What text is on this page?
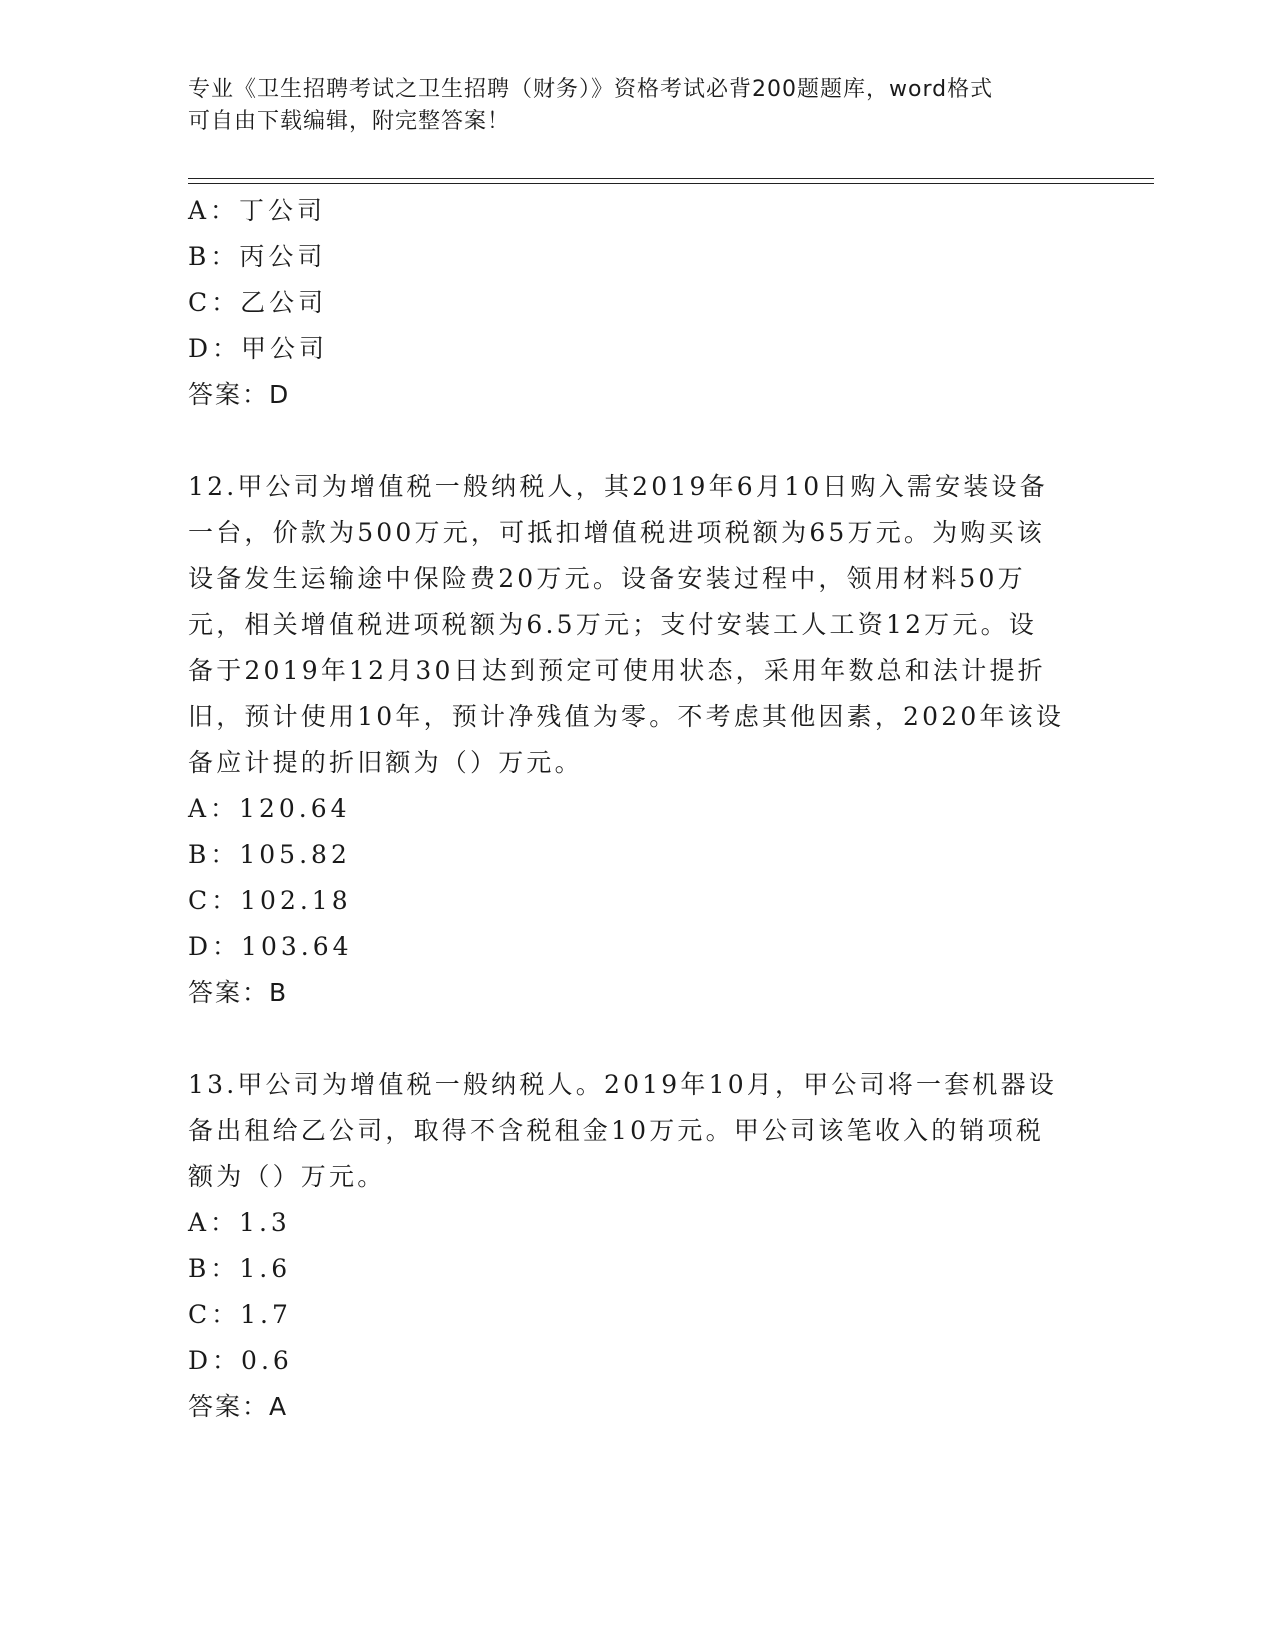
专业《卫生招聘考试之卫生招聘（财务）》资格考试必背200题题库，word格式
可自由下载编辑，附完整答案！
A：丁公司
B：丙公司
C：乙公司
D：甲公司
答案：D
12.甲公司为增值税一般纳税人，其2019年6月10日购入需安装设备
一台，价款为500万元，可抵扣增值税进项税额为65万元。为购买该
设备发生运输途中保险费20万元。设备安装过程中，领用材料50万
元，相关增值税进项税额为6.5万元；支付安装工人工资12万元。设
备于2019年12月30日达到预定可使用状态，采用年数总和法计提折
旧，预计使用10年，预计净残值为零。不考虑其他因素，2020年该设
备应计提的折旧额为（）万元。
A：120.64
B：105.82
C：102.18
D：103.64
答案：B
13.甲公司为增值税一般纳税人。2019年10月，甲公司将一套机器设
备出租给乙公司，取得不含税租金10万元。甲公司该笔收入的销项税
额为（）万元。
A：1.3
B：1.6
C：1.7
D：0.6
答案：A
